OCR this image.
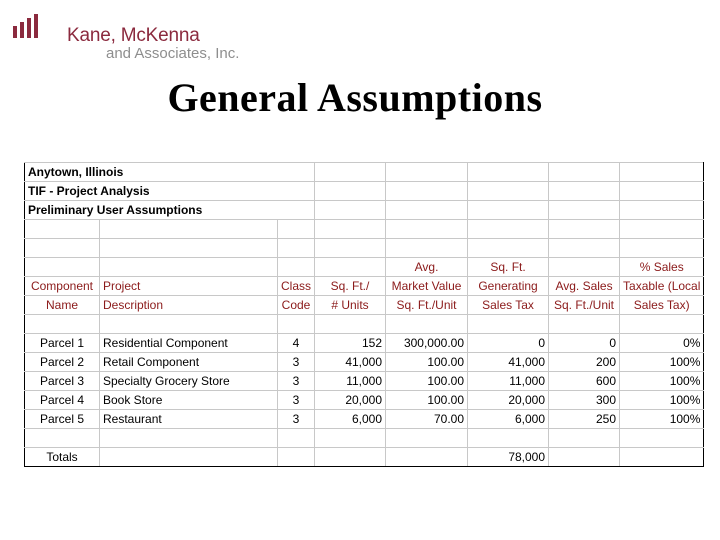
Kane, McKenna
and Associates, Inc.
General Assumptions
Anytown, Illinois							
TIF - Project Analysis							
Preliminary User Assumptions							

				Avg.	Sq. Ft.		% Sales
Component	Project	Class	Sq. Ft./	Market Value	Generating	Avg. Sales	Taxable (Local
Name	Description	Code	# Units	Sq. Ft./Unit	Sales Tax	Sq. Ft./Unit	Sales Tax)

Parcel 1	Residential Component	4	152	300,000.00	0	0	0%
Parcel 2	Retail Component	3	41,000	100.00	41,000	200	100%
Parcel 3	Specialty Grocery Store	3	11,000	100.00	11,000	600	100%
Parcel 4	Book Store	3	20,000	100.00	20,000	300	100%
Parcel 5	Restaurant	3	6,000	70.00	6,000	250	100%

Totals					78,000		
